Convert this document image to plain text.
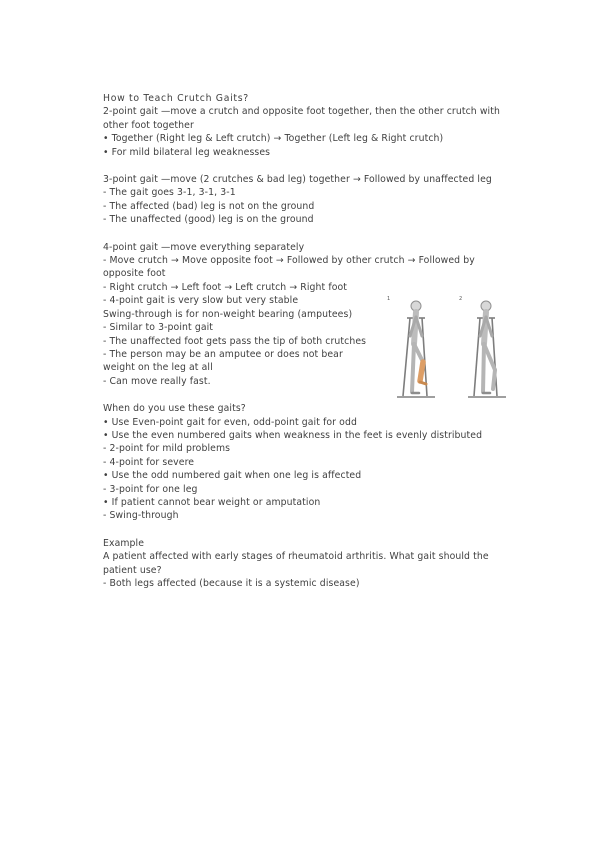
How to Teach Crutch Gaits?

2-point gait —move a crutch and opposite foot together, then the other crutch with other foot together

• Together (Right leg & Left crutch) → Together (Left leg & Right crutch)

• For mild bilateral leg weaknesses

3-point gait —move (2 crutches & bad leg) together → Followed by unaffected leg

- The gait goes 3-1, 3-1, 3-1

- The affected (bad) leg is not on the ground

- The unaffected (good) leg is on the ground

4-point gait —move everything separately

- Move crutch → Move opposite foot → Followed by other crutch → Followed by opposite foot

- Right crutch → Left foot → Left crutch → Right foot

1	2

- 4-point gait is very slow but very stable

Swing-through is for non-weight bearing (amputees)

- Similar to 3-point gait

- The unaffected foot gets pass the tip of both crutches

- The person may be an amputee or does not bear weight on the leg at all

- Can move really fast.

When do you use these gaits?

• Use Even-point gait for even, odd-point gait for odd

• Use the even numbered gaits when weakness in the feet is evenly distributed

- 2-point for mild problems

- 4-point for severe

• Use the odd numbered gait when one leg is affected

- 3-point for one leg

• If patient cannot bear weight or amputation

- Swing-through

Example

A patient affected with early stages of rheumatoid arthritis. What gait should the patient use?

- Both legs affected (because it is a systemic disease)
